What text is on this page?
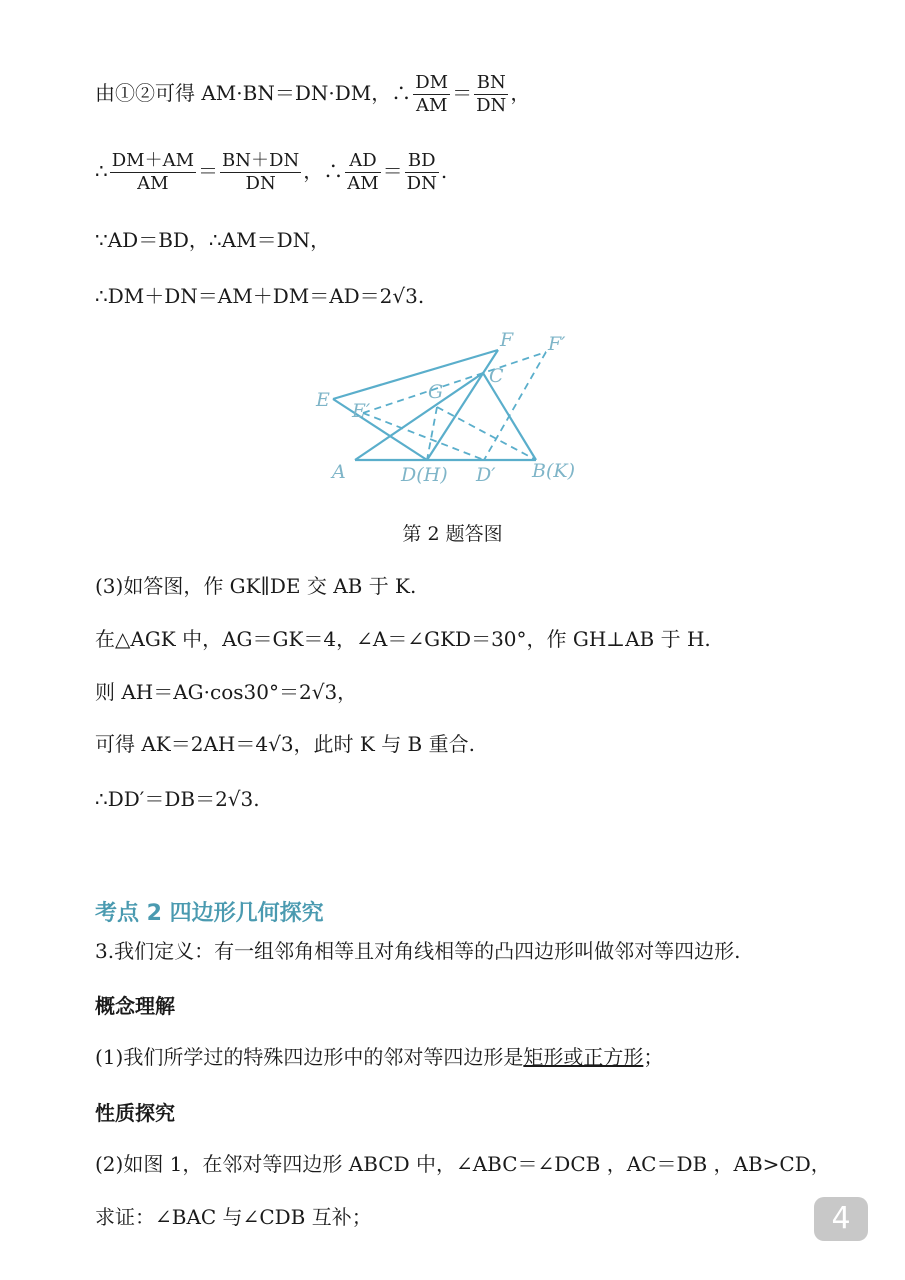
由①②可得 AM·BN＝DN·DM，∴ $\frac{DM}{AM} = \frac{BN}{DN}$ ，
∴ $\frac{DM+AM}{AM} = \frac{BN+DN}{DN}$ ，∴ $\frac{AD}{AM} = \frac{BD}{DN}$ .
∵AD＝BD，∴AM＝DN，
∴DM＋DN＝AM＋DM＝AD＝2√3.
F F′
C
E E′
G
A	D(H) D′ B(K)
第 2 题答图
(3)如答图，作 GK∥DE 交 AB 于 K.
在△AGK 中，AG＝GK＝4，∠A＝∠GKD＝30°，作 GH⊥AB 于 H.
则 AH＝AG·cos30°＝2√3，
可得 AK＝2AH＝4√3，此时 K 与 B 重合.
∴DD′＝DB＝2√3.
考点 2 四边形几何探究
3.我们定义：有一组邻角相等且对角线相等的凸四边形叫做邻对等四边形.
概念理解
(1)我们所学过的特殊四边形中的邻对等四边形是矩形或正方形；
性质探究
(2)如图 1，在邻对等四边形 ABCD 中，∠ABC＝∠DCB ，AC＝DB ，AB>CD，
求证：∠BAC 与∠CDB 互补；	4
